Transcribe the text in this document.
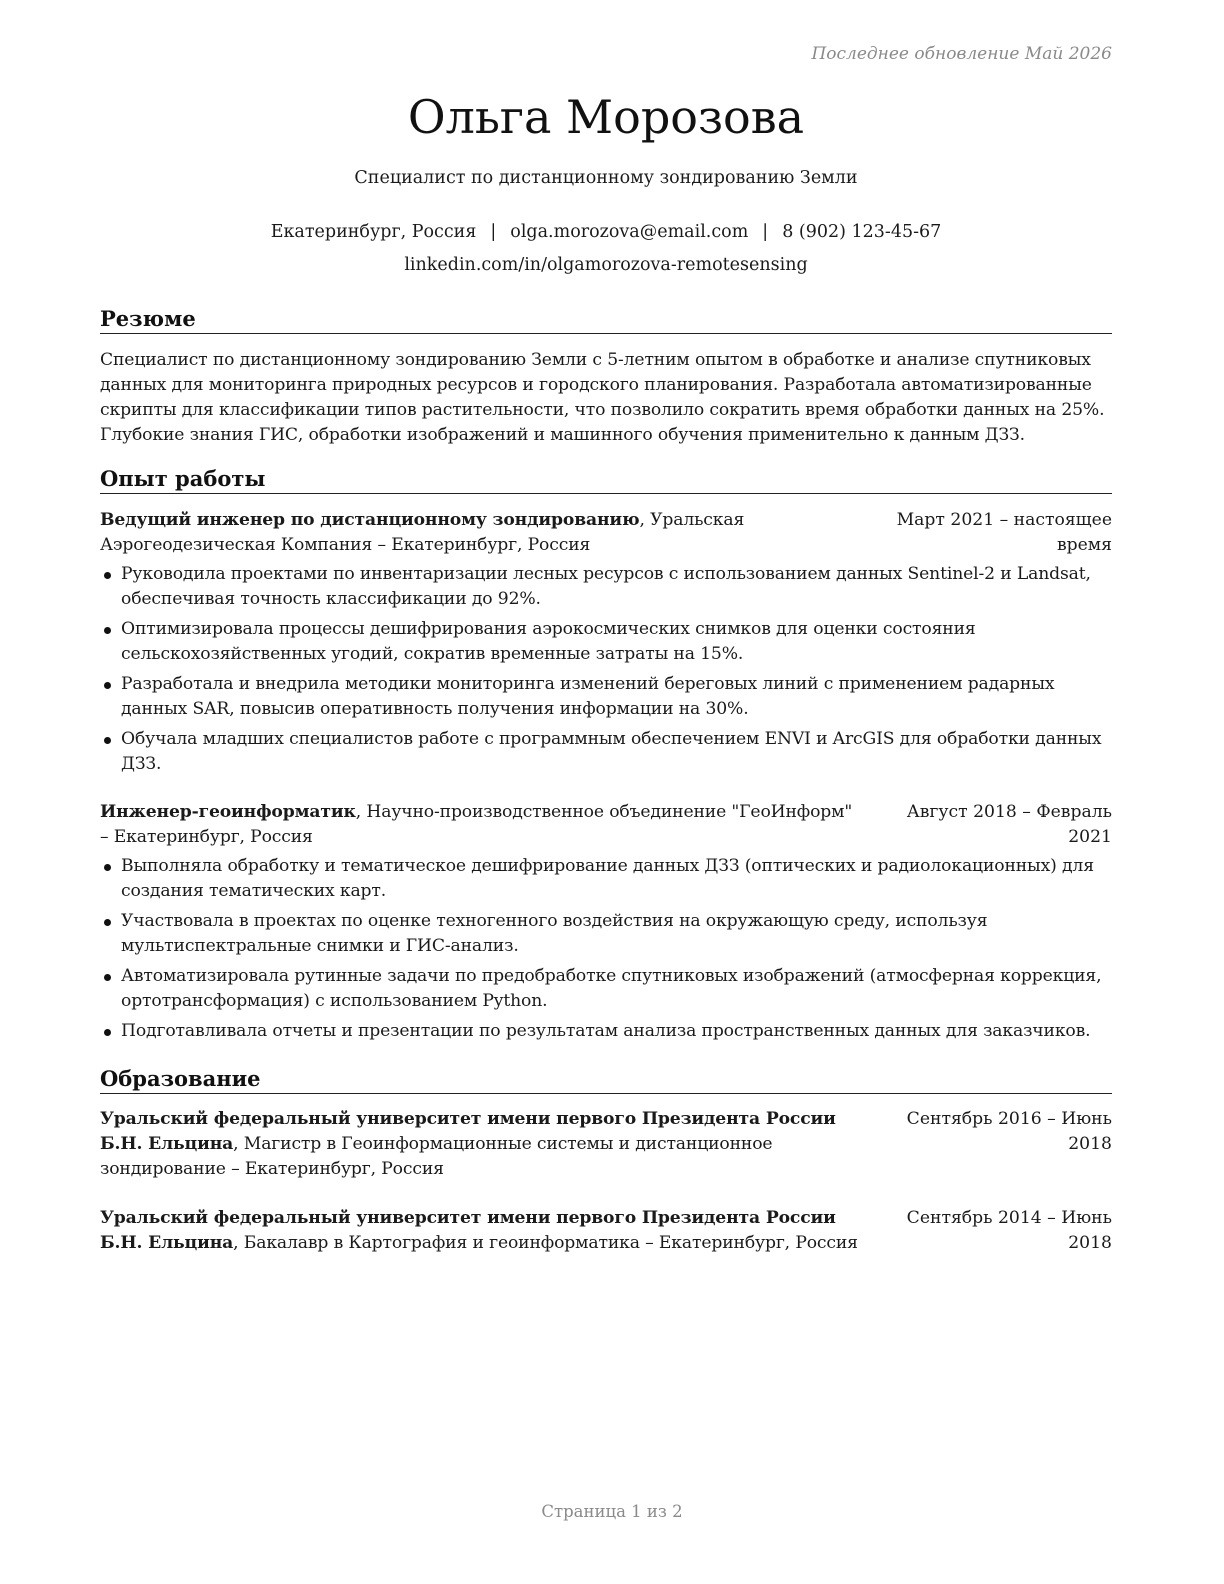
Последнее обновление Май 2026
Ольга Морозова
Специалист по дистанционному зондированию Земли
Екатеринбург, Россия | olga.morozova@email.com | 8 (902) 123-45-67
linkedin.com/in/olgamorozova-remotesensing
Резюме

Специалист по дистанционному зондированию Земли с 5-летним опытом в обработке и анализе спутниковых данных для мониторинга природных ресурсов и городского планирования. Разработала автоматизированные скрипты для классификации типов растительности, что позволило сократить время обработки данных на 25%. Глубокие знания ГИС, обработки изображений и машинного обучения применительно к данным ДЗЗ.

Опыт работы
Ведущий инженер по дистанционному зондированию, Уральская Аэрогеодезическая Компания – Екатеринбург, Россия
Март 2021 – настоящее время
Руководила проектами по инвентаризации лесных ресурсов с использованием данных Sentinel-2 и Landsat, обеспечивая точность классификации до 92%.
Оптимизировала процессы дешифрирования аэрокосмических снимков для оценки состояния сельскохозяйственных угодий, сократив временные затраты на 15%.
Разработала и внедрила методики мониторинга изменений береговых линий с применением радарных данных SAR, повысив оперативность получения информации на 30%.
Обучала младших специалистов работе с программным обеспечением ENVI и ArcGIS для обработки данных ДЗЗ.
Инженер-геоинформатик, Научно-производственное объединение "ГеоИнформ" – Екатеринбург, Россия
Август 2018 – Февраль 2021
Выполняла обработку и тематическое дешифрирование данных ДЗЗ (оптических и радиолокационных) для создания тематических карт.
Участвовала в проектах по оценке техногенного воздействия на окружающую среду, используя мультиспектральные снимки и ГИС-анализ.
Автоматизировала рутинные задачи по предобработке спутниковых изображений (атмосферная коррекция, ортотрансформация) с использованием Python.
Подготавливала отчеты и презентации по результатам анализа пространственных данных для заказчиков.
Образование
Уральский федеральный университет имени первого Президента России Б.Н. Ельцина, Магистр в Геоинформационные системы и дистанционное зондирование – Екатеринбург, Россия
Сентябрь 2016 – Июнь 2018
Уральский федеральный университет имени первого Президента России Б.Н. Ельцина, Бакалавр в Картография и геоинформатика – Екатеринбург, Россия
Сентябрь 2014 – Июнь 2018
Страница 1 из 2
